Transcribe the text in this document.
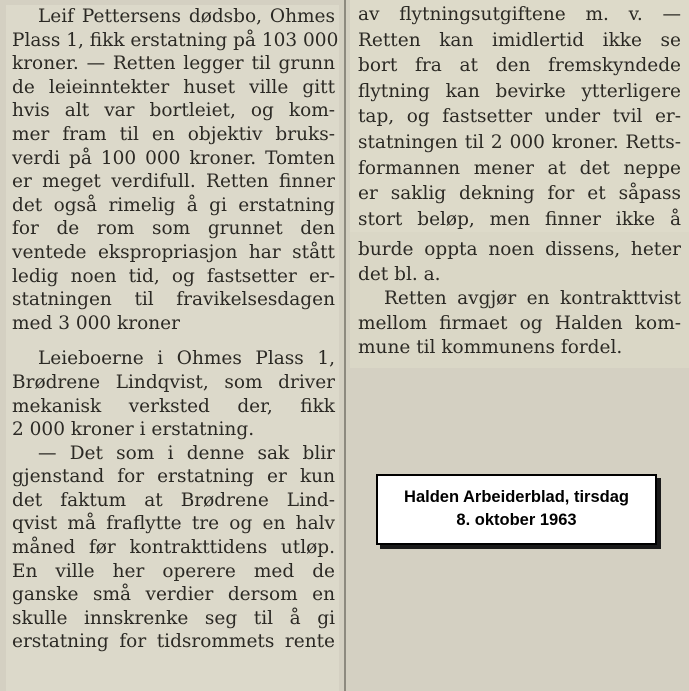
Leif Pettersens dødsbo, Ohmes

Plass 1, fikk erstatning på 103 000

kroner. — Retten legger til grunn

de leieinntekter huset ville gitt

hvis alt var bortleiet, og kom-

mer fram til en objektiv bruks-

verdi på 100 000 kroner. Tomten

er meget verdifull. Retten finner

det også rimelig å gi erstatning

for de rom som grunnet den

ventede ekspropriasjon har stått

ledig noen tid, og fastsetter er-

statningen til fravikelsesdagen

med 3 000 kroner

Leieboerne i Ohmes Plass 1,

Brødrene Lindqvist, som driver

mekanisk verksted der, fikk

2 000 kroner i erstatning.

— Det som i denne sak blir

gjenstand for erstatning er kun

det faktum at Brødrene Lind-

qvist må fraflytte tre og en halv

måned før kontrakttidens utløp.

En ville her operere med de

ganske små verdier dersom en

skulle innskrenke seg til å gi

erstatning for tidsrommets rente

av flytningsutgiftene m. v. —

Retten kan imidlertid ikke se

bort fra at den fremskyndede

flytning kan bevirke ytterligere

tap, og fastsetter under tvil er-

statningen til 2 000 kroner. Retts-

formannen mener at det neppe

er saklig dekning for et såpass

stort beløp, men finner ikke å

burde oppta noen dissens, heter

det bl. a.

Retten avgjør en kontrakttvist

mellom firmaet og Halden kom-

mune til kommunens fordel.

Halden Arbeiderblad, tirsdag
8. oktober 1963
